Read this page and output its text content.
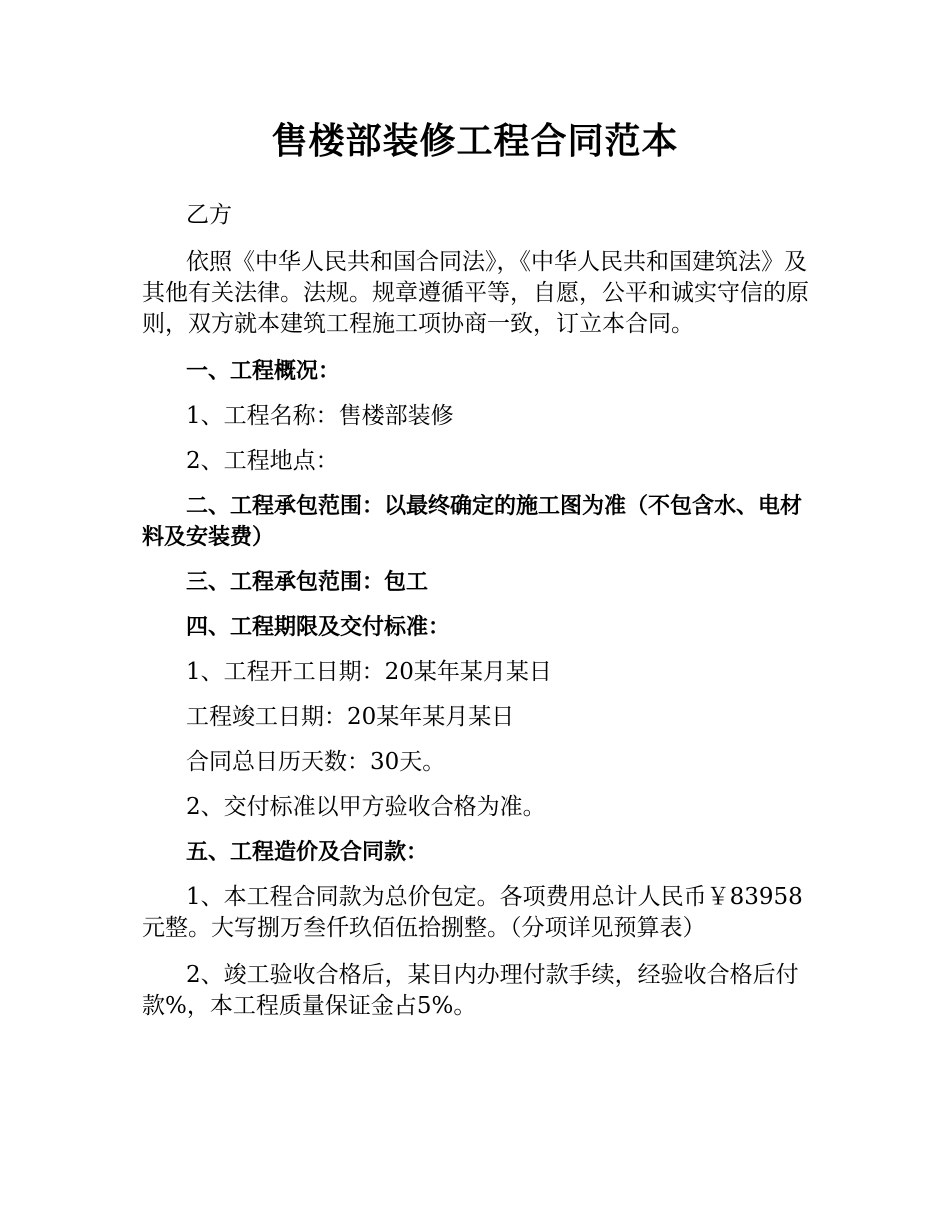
售楼部装修工程合同范本

乙方

依照《中华人民共和国合同法》，《中华人民共和国建筑法》及其他有关法律。法规。规章遵循平等，自愿，公平和诚实守信的原则，双方就本建筑工程施工项协商一致，订立本合同。

一、工程概况：

1、工程名称：售楼部装修

2、工程地点：

二、工程承包范围：以最终确定的施工图为准（不包含水、电材料及安装费）

三、工程承包范围：包工

四、工程期限及交付标准：

1、工程开工日期：20某年某月某日

工程竣工日期：20某年某月某日

合同总日历天数：30天。

2、交付标准以甲方验收合格为准。

五、工程造价及合同款：

1、本工程合同款为总价包定。各项费用总计人民币￥83958元整。大写捌万叁仟玖佰伍拾捌整。（分项详见预算表）

2、竣工验收合格后，某日内办理付款手续，经验收合格后付款%，本工程质量保证金占5%。
